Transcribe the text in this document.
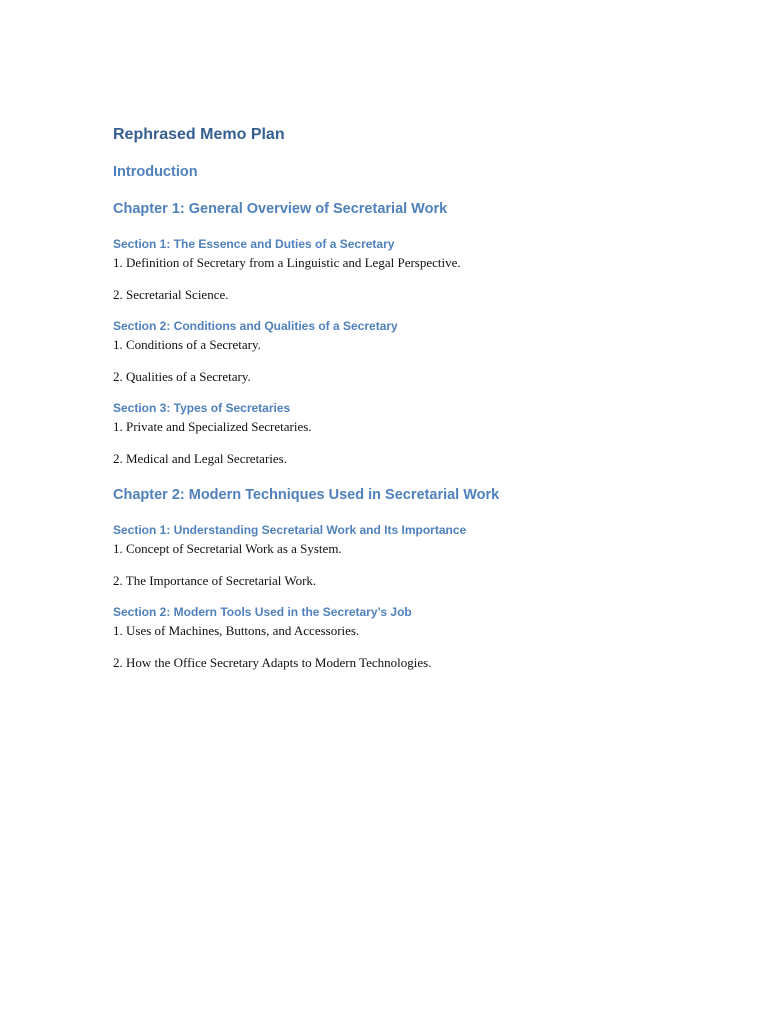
Rephrased Memo Plan
Introduction
Chapter 1: General Overview of Secretarial Work
Section 1: The Essence and Duties of a Secretary

1. Definition of Secretary from a Linguistic and Legal Perspective.

2. Secretarial Science.

Section 2: Conditions and Qualities of a Secretary

1. Conditions of a Secretary.

2. Qualities of a Secretary.

Section 3: Types of Secretaries

1. Private and Specialized Secretaries.

2. Medical and Legal Secretaries.

Chapter 2: Modern Techniques Used in Secretarial Work
Section 1: Understanding Secretarial Work and Its Importance

1. Concept of Secretarial Work as a System.

2. The Importance of Secretarial Work.

Section 2: Modern Tools Used in the Secretary’s Job

1. Uses of Machines, Buttons, and Accessories.

2. How the Office Secretary Adapts to Modern Technologies.
